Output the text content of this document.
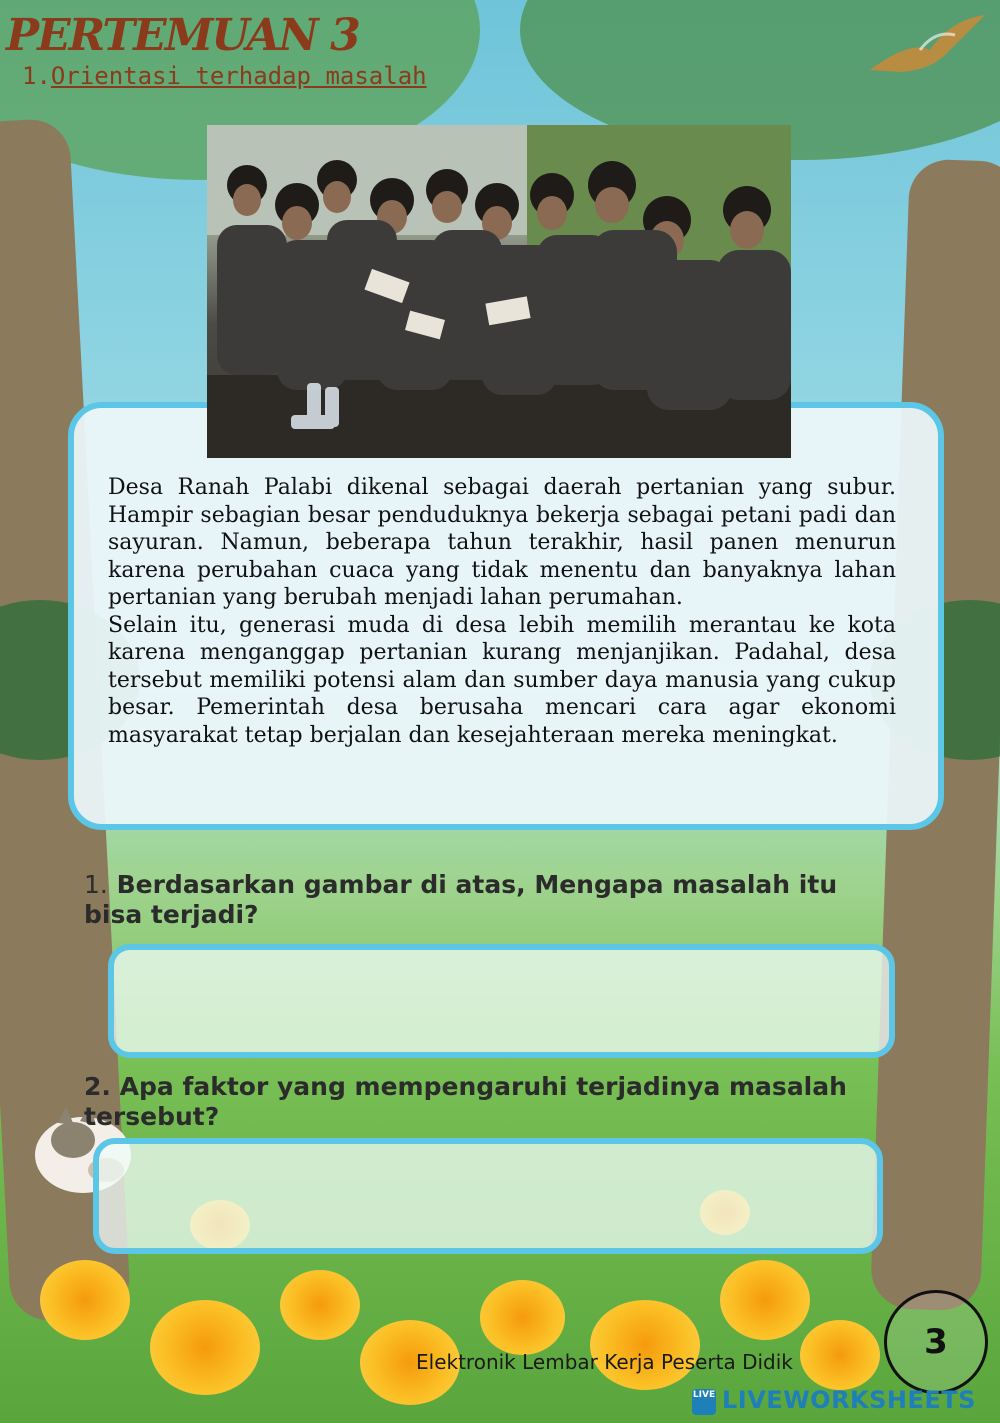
PERTEMUAN 3

1.Orientasi terhadap masalah

Desa Ranah Palabi dikenal sebagai daerah pertanian yang subur. Hampir sebagian besar penduduknya bekerja sebagai petani padi dan sayuran. Namun, beberapa tahun terakhir, hasil panen menurun karena perubahan cuaca yang tidak menentu dan banyaknya lahan pertanian yang berubah menjadi lahan perumahan.

Selain itu, generasi muda di desa lebih memilih merantau ke kota karena menganggap pertanian kurang menjanjikan. Padahal, desa tersebut memiliki potensi alam dan sumber daya manusia yang cukup besar. Pemerintah desa berusaha mencari cara agar ekonomi masyarakat tetap berjalan dan kesejahteraan mereka meningkat.

1. Berdasarkan gambar di atas, Mengapa masalah itu bisa terjadi?

2. Apa faktor yang mempengaruhi terjadinya masalah tersebut?

Elektronik Lembar Kerja Peserta Didik	3
LIVE LIVEWORKSHEETS
